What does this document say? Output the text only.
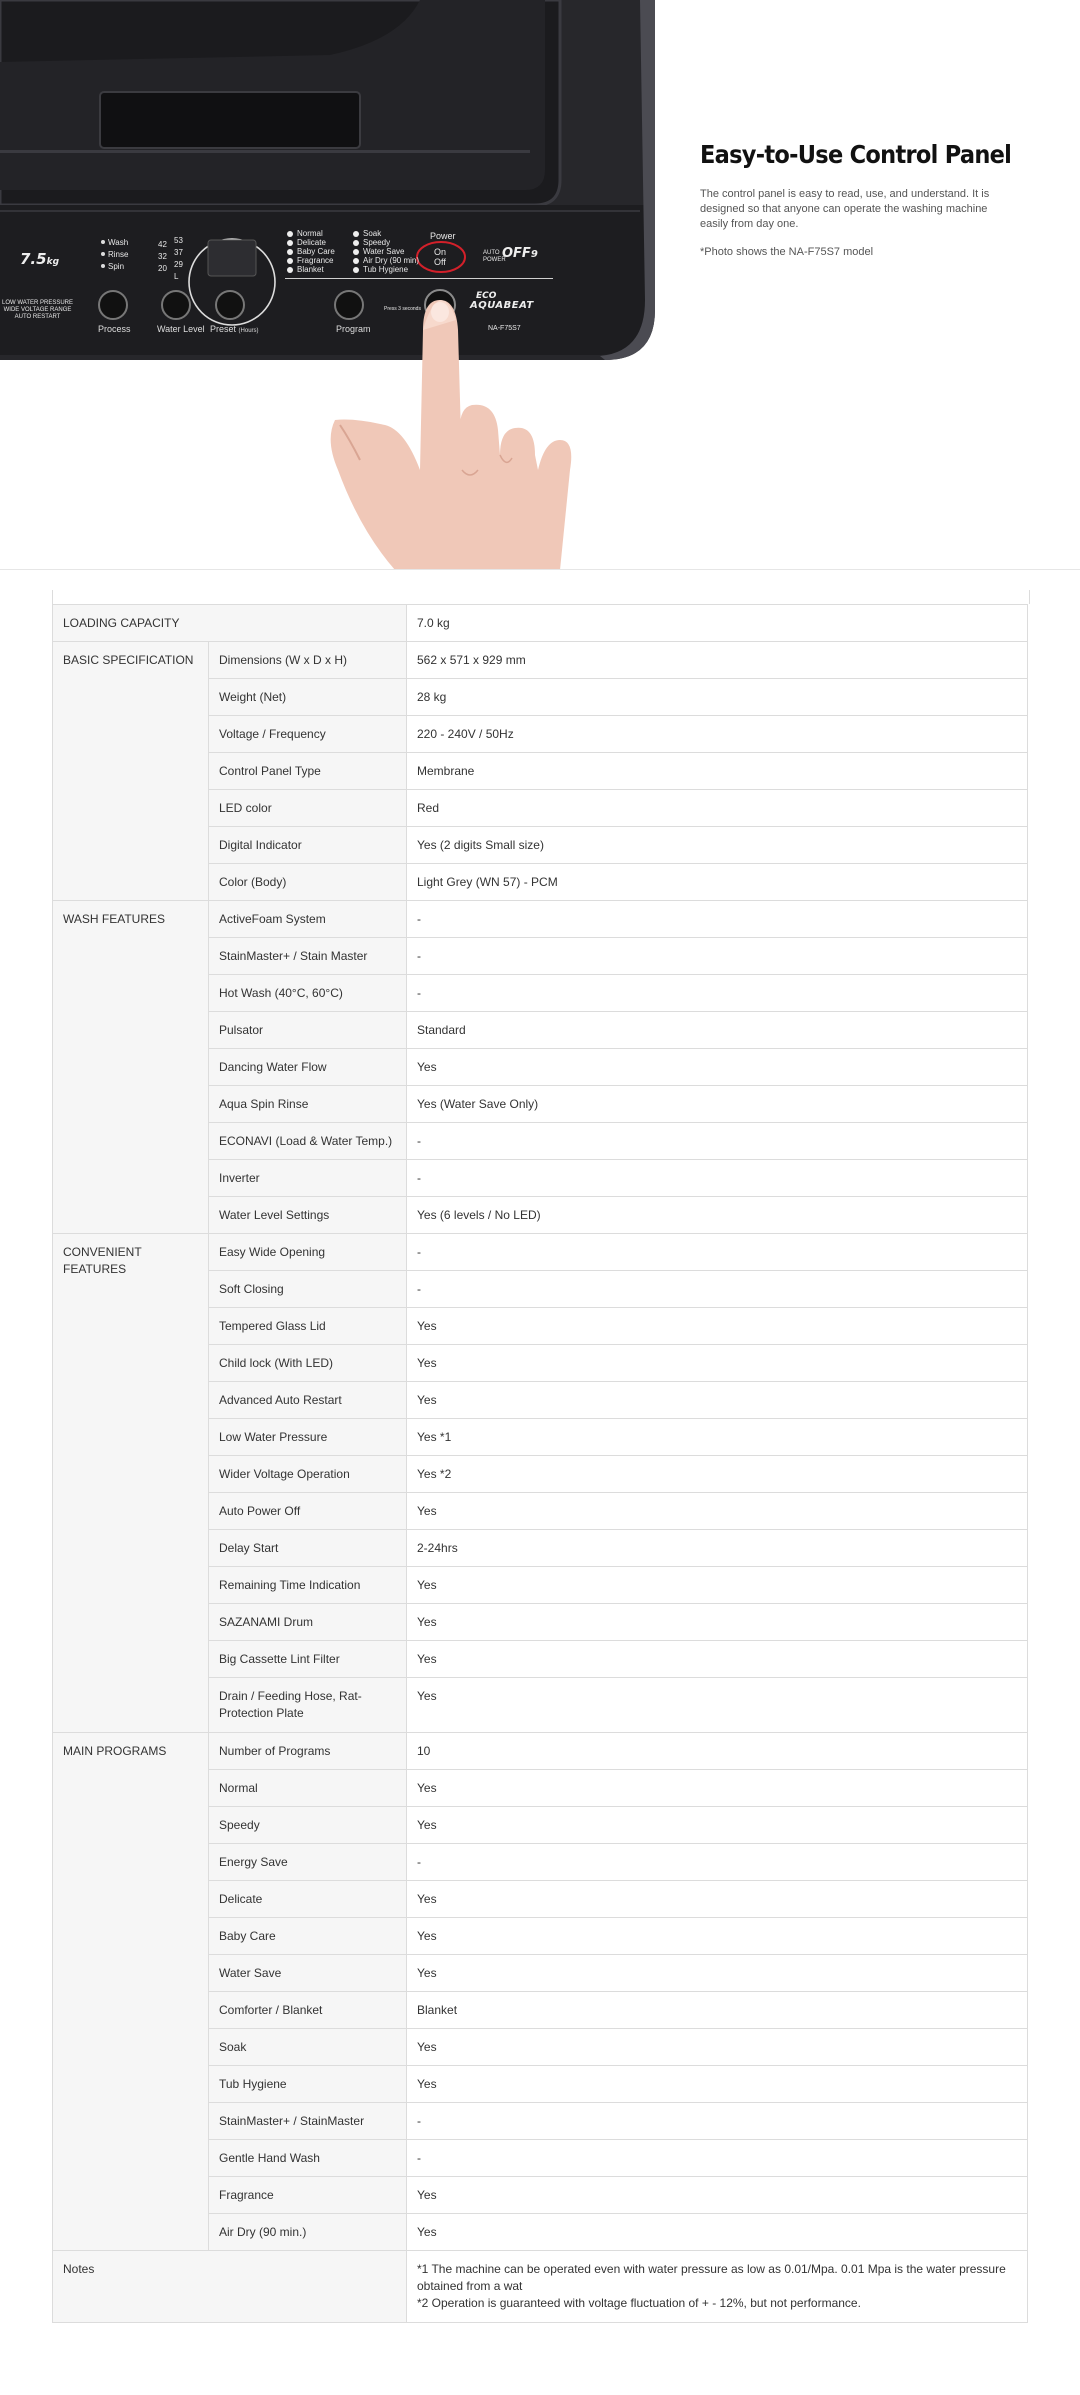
7.5kg
Wash
Rinse
Spin
42 53
32 37
20 29
L
Normal
Delicate
Baby Care
Fragrance
Blanket
Soak
Speedy
Water Save
Air Dry (90 min)
Tub Hygiene
Power
On
Off
AUTO POWER
OFF9
LOW WATER PRESSURE
WIDE VOLTAGE RANGE
AUTO RESTART
Process	Water Level Preset (Hours)	Program
Press 3 seconds
ECO
AQUABEAT
NA-F75S7
Easy-to-Use Control Panel

The control panel is easy to read, use, and understand. It is designed so that anyone can operate the washing machine easily from day one.

*Photo shows the NA-F75S7 model

LOADING CAPACITY		7.0 kg
BASIC SPECIFICATION	Dimensions (W x D x H)	562 x 571 x 929 mm
	Weight (Net)	28 kg
	Voltage / Frequency	220 - 240V / 50Hz
	Control Panel Type	Membrane
	LED color	Red
	Digital Indicator	Yes (2 digits Small size)
	Color (Body)	Light Grey (WN 57) - PCM
WASH FEATURES	ActiveFoam System	-
	StainMaster+ / Stain Master	-
	Hot Wash (40°C, 60°C)	-
	Pulsator	Standard
	Dancing Water Flow	Yes
	Aqua Spin Rinse	Yes (Water Save Only)
	ECONAVI (Load & Water Temp.)	-
	Inverter	-
	Water Level Settings	Yes (6 levels / No LED)
CONVENIENT FEATURES	Easy Wide Opening	-
	Soft Closing	-
	Tempered Glass Lid	Yes
	Child lock (With LED)	Yes
	Advanced Auto Restart	Yes
	Low Water Pressure	Yes *1
	Wider Voltage Operation	Yes *2
	Auto Power Off	Yes
	Delay Start	2-24hrs
	Remaining Time Indication	Yes
	SAZANAMI Drum	Yes
	Big Cassette Lint Filter	Yes
	Drain / Feeding Hose, Rat-Protection Plate	Yes
MAIN PROGRAMS	Number of Programs	10
	Normal	Yes
	Speedy	Yes
	Energy Save	-
	Delicate	Yes
	Baby Care	Yes
	Water Save	Yes
	Comforter / Blanket	Blanket
	Soak	Yes
	Tub Hygiene	Yes
	StainMaster+ / StainMaster	-
	Gentle Hand Wash	-
	Fragrance	Yes
	Air Dry (90 min.)	Yes
Notes		*1 The machine can be operated even with water pressure as low as 0.01/Mpa. 0.01 Mpa is the water pressure obtained from a wat
*2 Operation is guaranteed with voltage fluctuation of + - 12%, but not performance.
